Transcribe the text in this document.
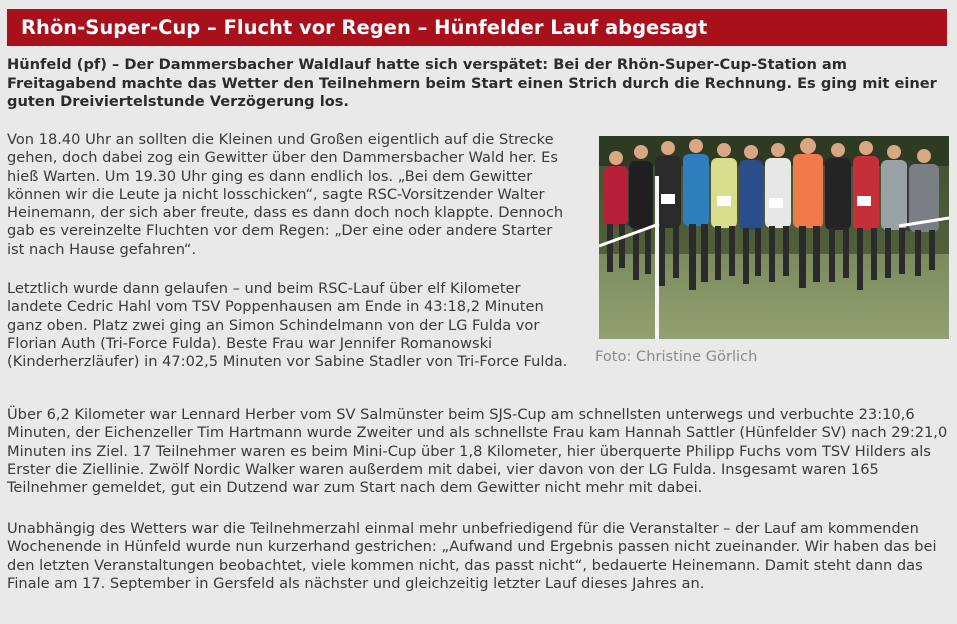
Rhön-Super-Cup – Flucht vor Regen – Hünfelder Lauf abgesagt

Hünfeld (pf) – Der Dammersbacher Waldlauf hatte sich verspätet: Bei der Rhön-Super-Cup-Station am Freitagabend machte das Wetter den Teilnehmern beim Start einen Strich durch die Rechnung. Es ging mit einer guten Dreiviertelstunde Verzögerung los.

Von 18.40 Uhr an sollten die Kleinen und Großen eigentlich auf die Strecke gehen, doch dabei zog ein Gewitter über den Dammersbacher Wald her. Es hieß Warten. Um 19.30 Uhr ging es dann endlich los. „Bei dem Gewitter können wir die Leute ja nicht losschicken“, sagte RSC-Vorsitzender Walter Heinemann, der sich aber freute, dass es dann doch noch klappte. Dennoch gab es vereinzelte Fluchten vor dem Regen: „Der eine oder andere Starter ist nach Hause gefahren“.

Foto: Christine Görlich

Letztlich wurde dann gelaufen – und beim RSC-Lauf über elf Kilometer landete Cedric Hahl vom TSV Poppenhausen am Ende in 43:18,2 Minuten ganz oben. Platz zwei ging an Simon Schindelmann von der LG Fulda vor Florian Auth (Tri-Force Fulda). Beste Frau war Jennifer Romanowski (Kinderherzläufer) in 47:02,5 Minuten vor Sabine Stadler von Tri-Force Fulda.

Über 6,2 Kilometer war Lennard Herber vom SV Salmünster beim SJS-Cup am schnellsten unterwegs und verbuchte 23:10,6 Minuten, der Eichenzeller Tim Hartmann wurde Zweiter und als schnellste Frau kam Hannah Sattler (Hünfelder SV) nach 29:21,0 Minuten ins Ziel. 17 Teilnehmer waren es beim Mini-Cup über 1,8 Kilometer, hier überquerte Philipp Fuchs vom TSV Hilders als Erster die Ziellinie. Zwölf Nordic Walker waren außerdem mit dabei, vier davon von der LG Fulda. Insgesamt waren 165 Teilnehmer gemeldet, gut ein Dutzend war zum Start nach dem Gewitter nicht mehr mit dabei.

Unabhängig des Wetters war die Teilnehmerzahl einmal mehr unbefriedigend für die Veranstalter – der Lauf am kommenden Wochenende in Hünfeld wurde nun kurzerhand gestrichen: „Aufwand und Ergebnis passen nicht zueinander. Wir haben das bei den letzten Veranstaltungen beobachtet, viele kommen nicht, das passt nicht“, bedauerte Heinemann. Damit steht dann das Finale am 17. September in Gersfeld als nächster und gleichzeitig letzter Lauf dieses Jahres an.
